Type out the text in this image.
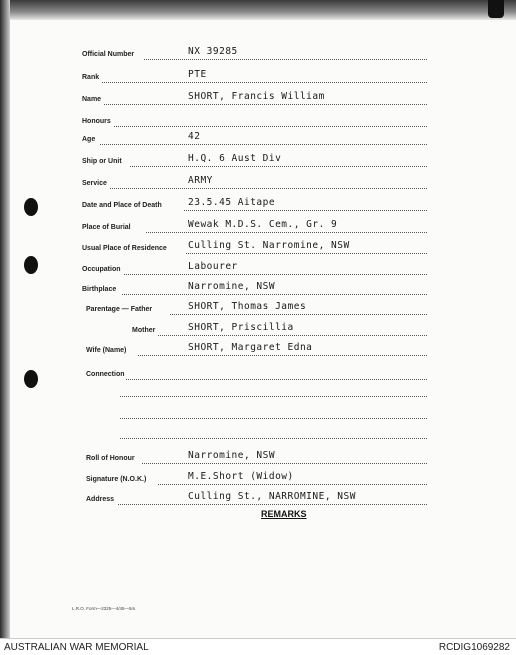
Official Number	NX 39285
Rank	PTE
Name	SHORT, Francis William
Honours
Age	42
Ship or Unit	H.Q. 6 Aust Div
Service	ARMY
Date and Place of Death	23.5.45 Aitape
Place of Burial	Wewak M.D.S. Cem., Gr. 9
Usual Place of Residence Culling St. Narromine, NSW
Occupation	Labourer
Birthplace	Narromine, NSW
Parentage — Father	SHORT, Thomas James
Mother	SHORT, Priscillia
Wife (Name)	SHORT, Margaret Edna
Connection
Roll of Honour	Narromine, NSW
Signature (N.O.K.)	M.E.Short (Widow)
Address	Culling St., NARROMINE, NSW
REMARKS
L.R.O. Form—2325—4/45—5m.
AUSTRALIAN WAR MEMORIAL	RCDIG1069282
